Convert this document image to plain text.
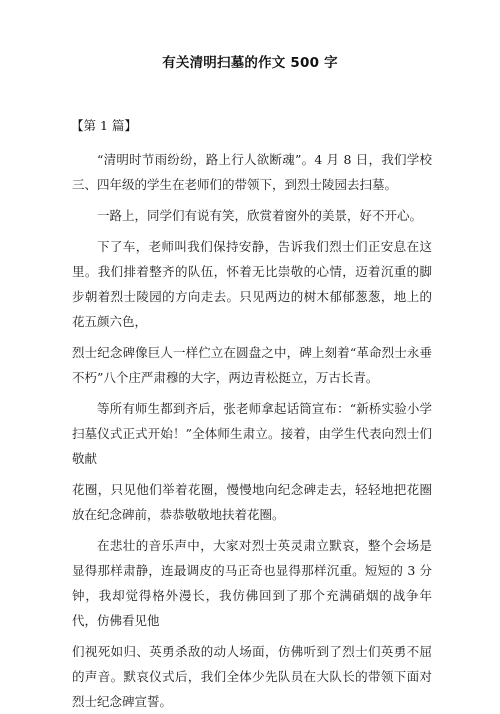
有关清明扫墓的作文 500 字
【第 1 篇】

“清明时节雨纷纷，路上行人欲断魂”。4 月 8 日，我们学校三、四年级的学生在老师们的带领下，到烈士陵园去扫墓。

一路上，同学们有说有笑，欣赏着窗外的美景，好不开心。

下了车，老师叫我们保持安静，告诉我们烈士们正安息在这里。我们排着整齐的队伍，怀着无比崇敬的心情，迈着沉重的脚步朝着烈士陵园的方向走去。只见两边的树木郁郁葱葱，地上的花五颜六色，

烈士纪念碑像巨人一样伫立在圆盘之中，碑上刻着“革命烈士永垂不朽”八个庄严肃穆的大字，两边青松挺立，万古长青。

等所有师生都到齐后，张老师拿起话筒宣布：“新桥实验小学扫墓仪式正式开始！”全体师生肃立。接着，由学生代表向烈士们敬献

花圈，只见他们举着花圈，慢慢地向纪念碑走去，轻轻地把花圈放在纪念碑前，恭恭敬敬地扶着花圈。

在悲壮的音乐声中，大家对烈士英灵肃立默哀，整个会场是显得那样肃静，连最调皮的马正奇也显得那样沉重。短短的 3 分钟，我却觉得格外漫长，我仿佛回到了那个充满硝烟的战争年代，仿佛看见他

们视死如归、英勇杀敌的动人场面，仿佛听到了烈士们英勇不屈的声音。默哀仪式后，我们全体少先队员在大队长的带领下面对烈士纪念碑宣誓。
